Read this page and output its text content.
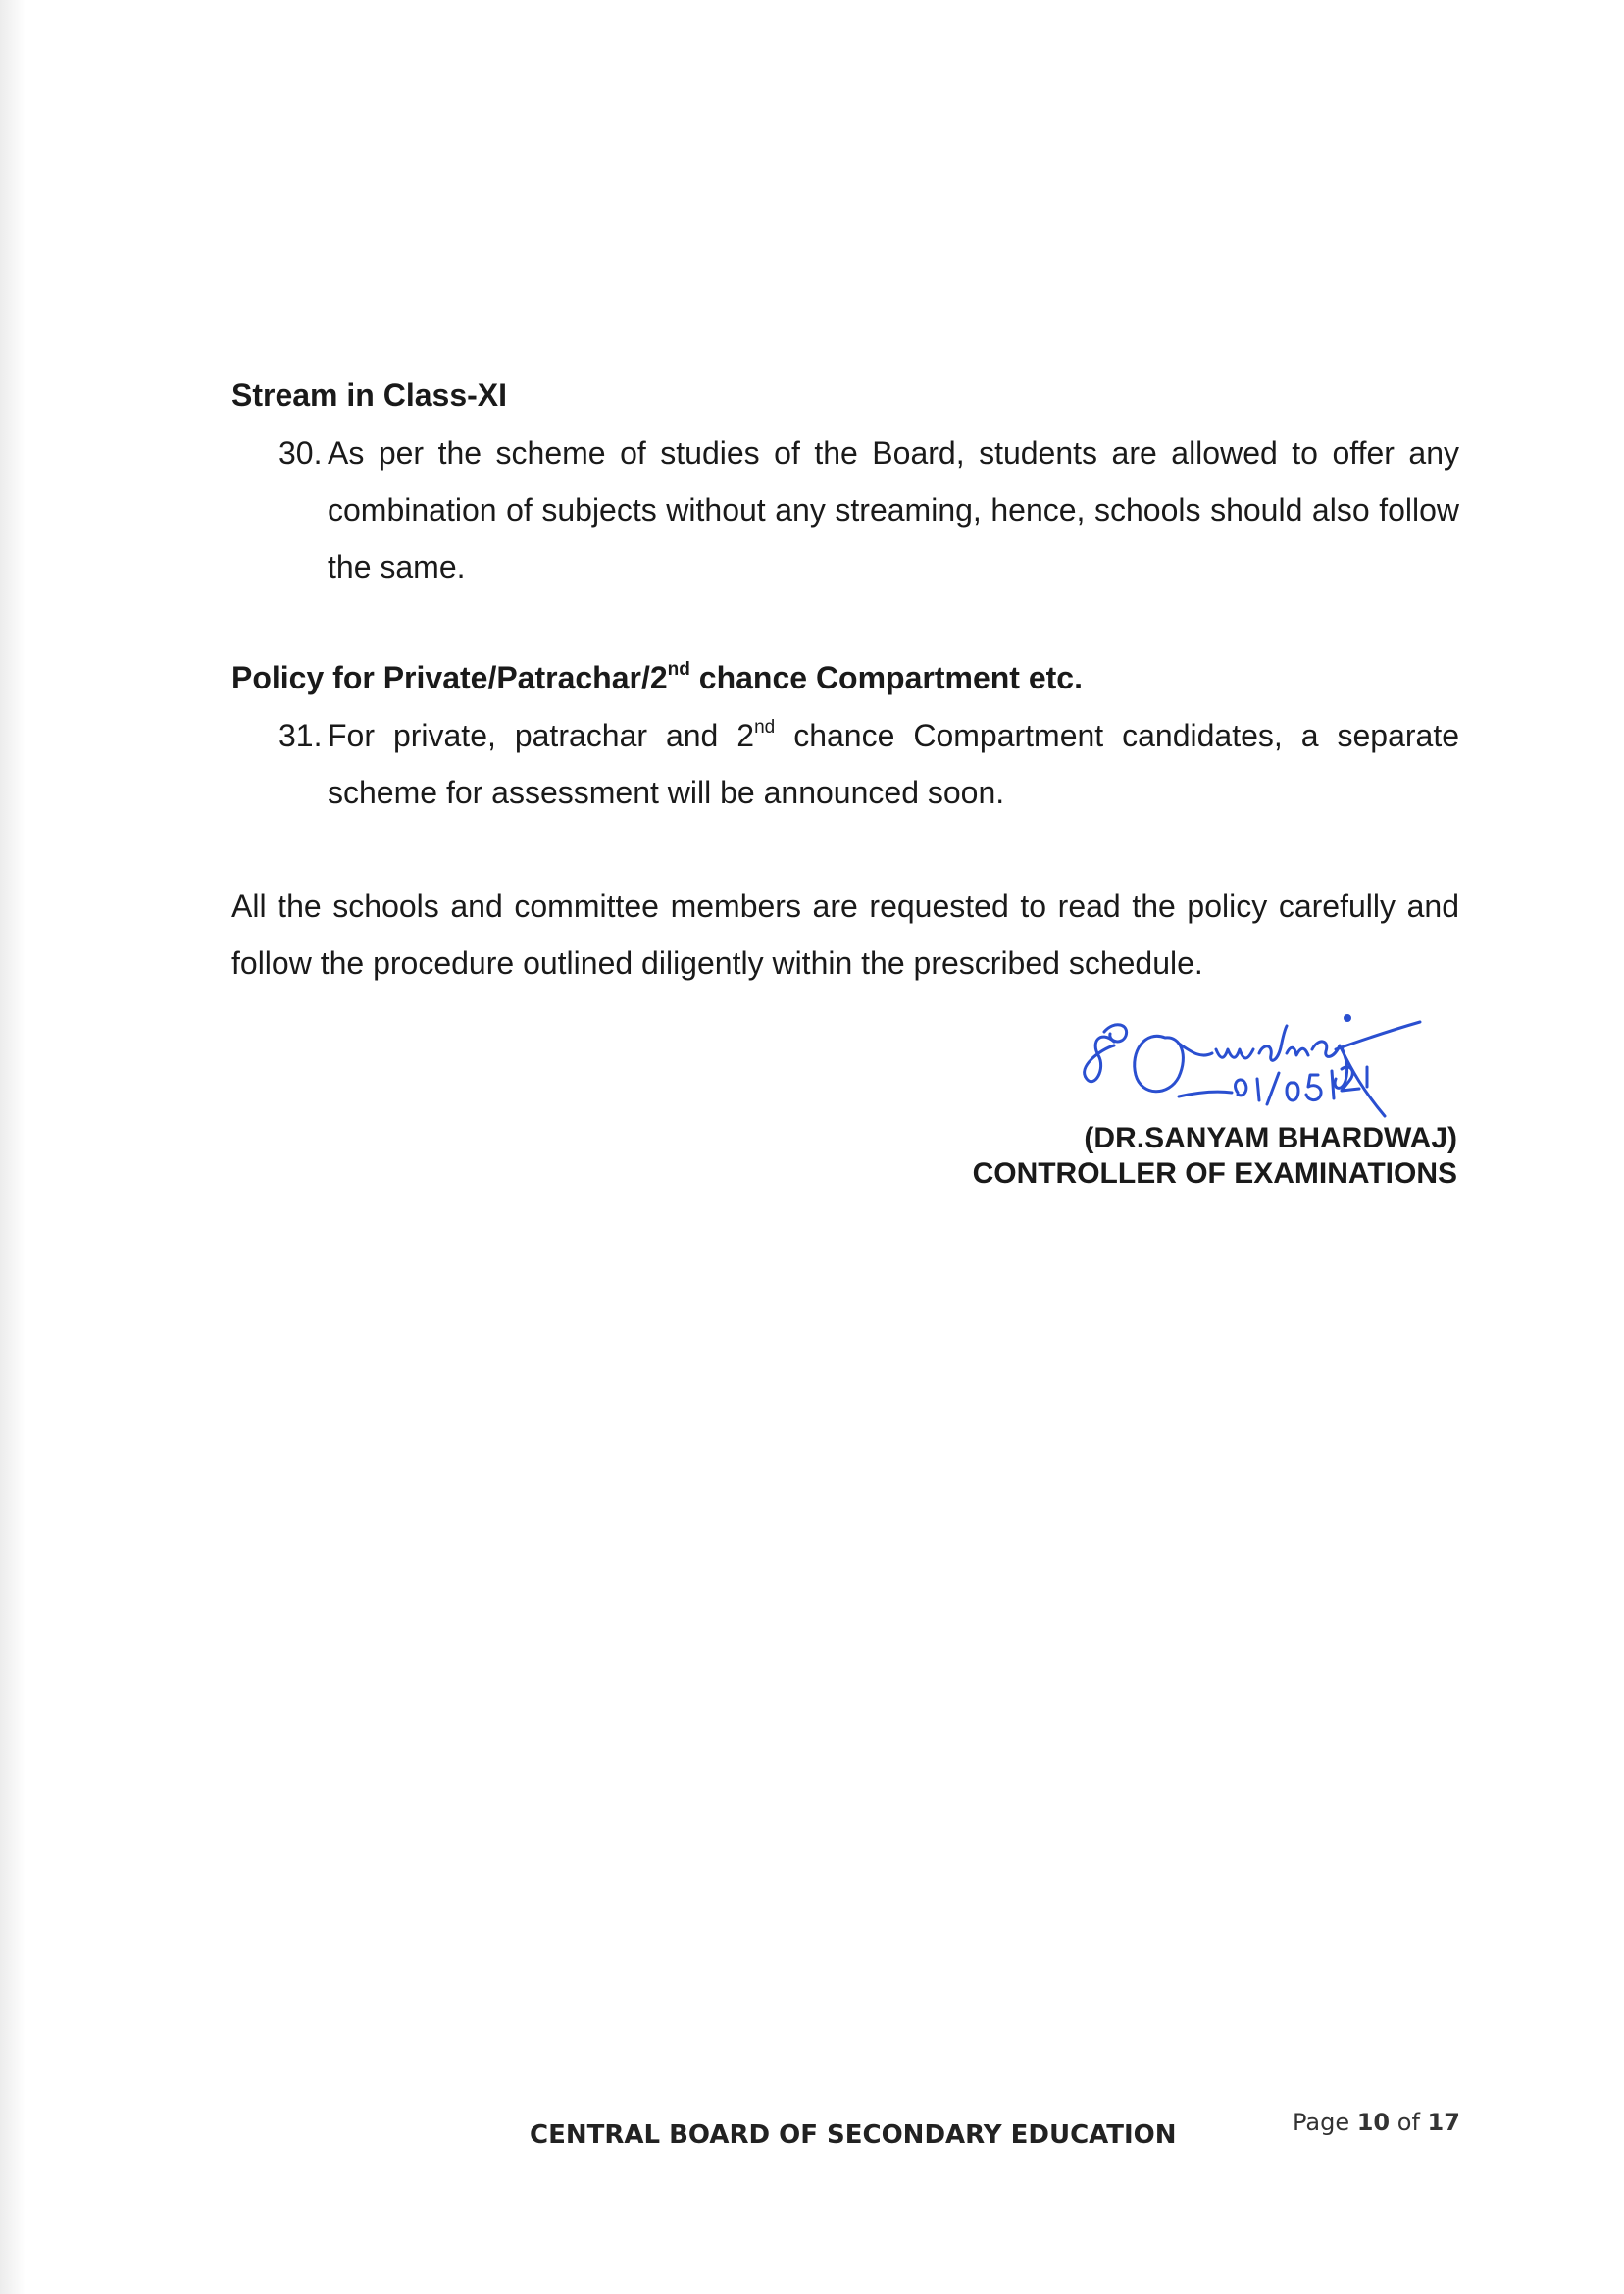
Stream in Class-XI
30. As per the scheme of studies of the Board, students are allowed to offer any combination of subjects without any streaming, hence, schools should also follow the same.
Policy for Private/Patrachar/2nd chance Compartment etc.
31. For private, patrachar and 2nd chance Compartment candidates, a separate scheme for assessment will be announced soon.
All the schools and committee members are requested to read the policy carefully and follow the procedure outlined diligently within the prescribed schedule.
(DR.SANYAM BHARDWAJ)
CONTROLLER OF EXAMINATIONS
CENTRAL BOARD OF SECONDARY EDUCATION	Page 10 of 17
